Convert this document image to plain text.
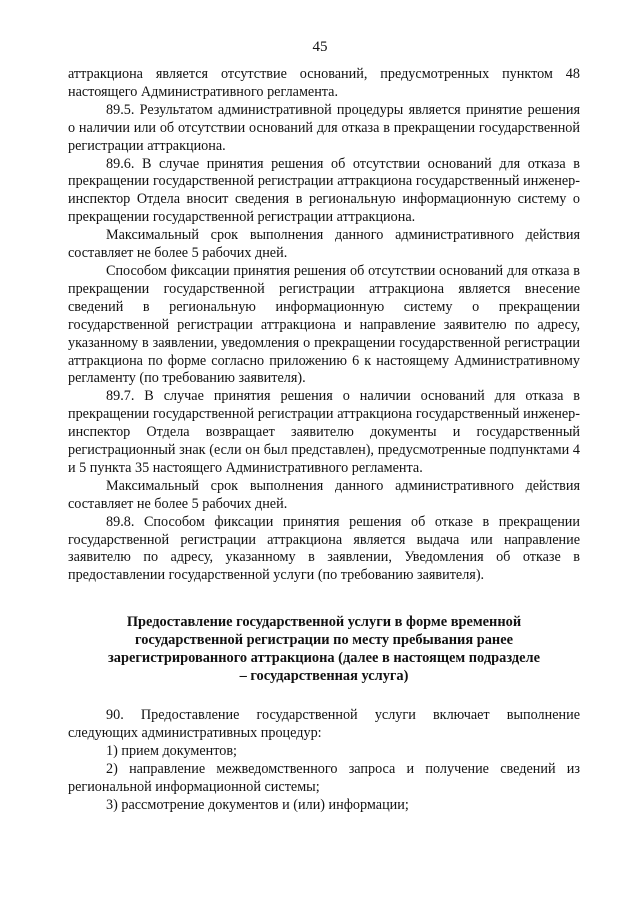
45

аттракциона является отсутствие оснований, предусмотренных пунктом 48 настоящего Административного регламента.

89.5. Результатом административной процедуры является принятие решения о наличии или об отсутствии оснований для отказа в прекращении государственной регистрации аттракциона.

89.6. В случае принятия решения об отсутствии оснований для отказа в прекращении государственной регистрации аттракциона государственный инженер-инспектор Отдела вносит сведения в региональную информационную систему о прекращении государственной регистрации аттракциона.

Максимальный срок выполнения данного административного действия составляет не более 5 рабочих дней.

Способом фиксации принятия решения об отсутствии оснований для отказа в прекращении государственной регистрации аттракциона является внесение сведений в региональную информационную систему о прекращении государственной регистрации аттракциона и направление заявителю по адресу, указанному в заявлении, уведомления о прекращении государственной регистрации аттракциона по форме согласно приложению 6 к настоящему Административному регламенту (по требованию заявителя).

89.7. В случае принятия решения о наличии оснований для отказа в прекращении государственной регистрации аттракциона государственный инженер-инспектор Отдела возвращает заявителю документы и государственный регистрационный знак (если он был представлен), предусмотренные подпунктами 4 и 5 пункта 35 настоящего Административного регламента.

Максимальный срок выполнения данного административного действия составляет не более 5 рабочих дней.

89.8. Способом фиксации принятия решения об отказе в прекращении государственной регистрации аттракциона является выдача или направление заявителю по адресу, указанному в заявлении, Уведомления об отказе в предоставлении государственной услуги (по требованию заявителя).

Предоставление государственной услуги в форме временной государственной регистрации по месту пребывания ранее зарегистрированного аттракциона (далее в настоящем подразделе – государственная услуга)

90. Предоставление государственной услуги включает выполнение следующих административных процедур:

1) прием документов;

2) направление межведомственного запроса и получение сведений из региональной информационной системы;

3) рассмотрение документов и (или) информации;
